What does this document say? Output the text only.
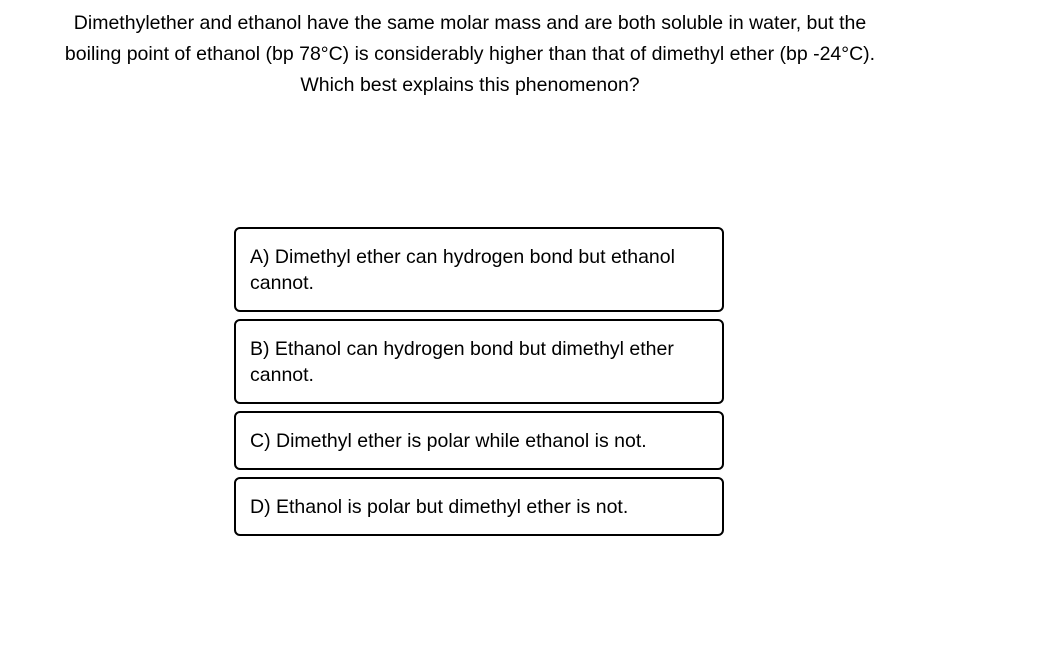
Dimethylether and ethanol have the same molar mass and are both soluble in water, but the boiling point of ethanol (bp 78°C) is considerably higher than that of dimethyl ether (bp -24°C). Which best explains this phenomenon?

A) Dimethyl ether can hydrogen bond but ethanol cannot.
B) Ethanol can hydrogen bond but dimethyl ether cannot.
C) Dimethyl ether is polar while ethanol is not.
D) Ethanol is polar but dimethyl ether is not.
